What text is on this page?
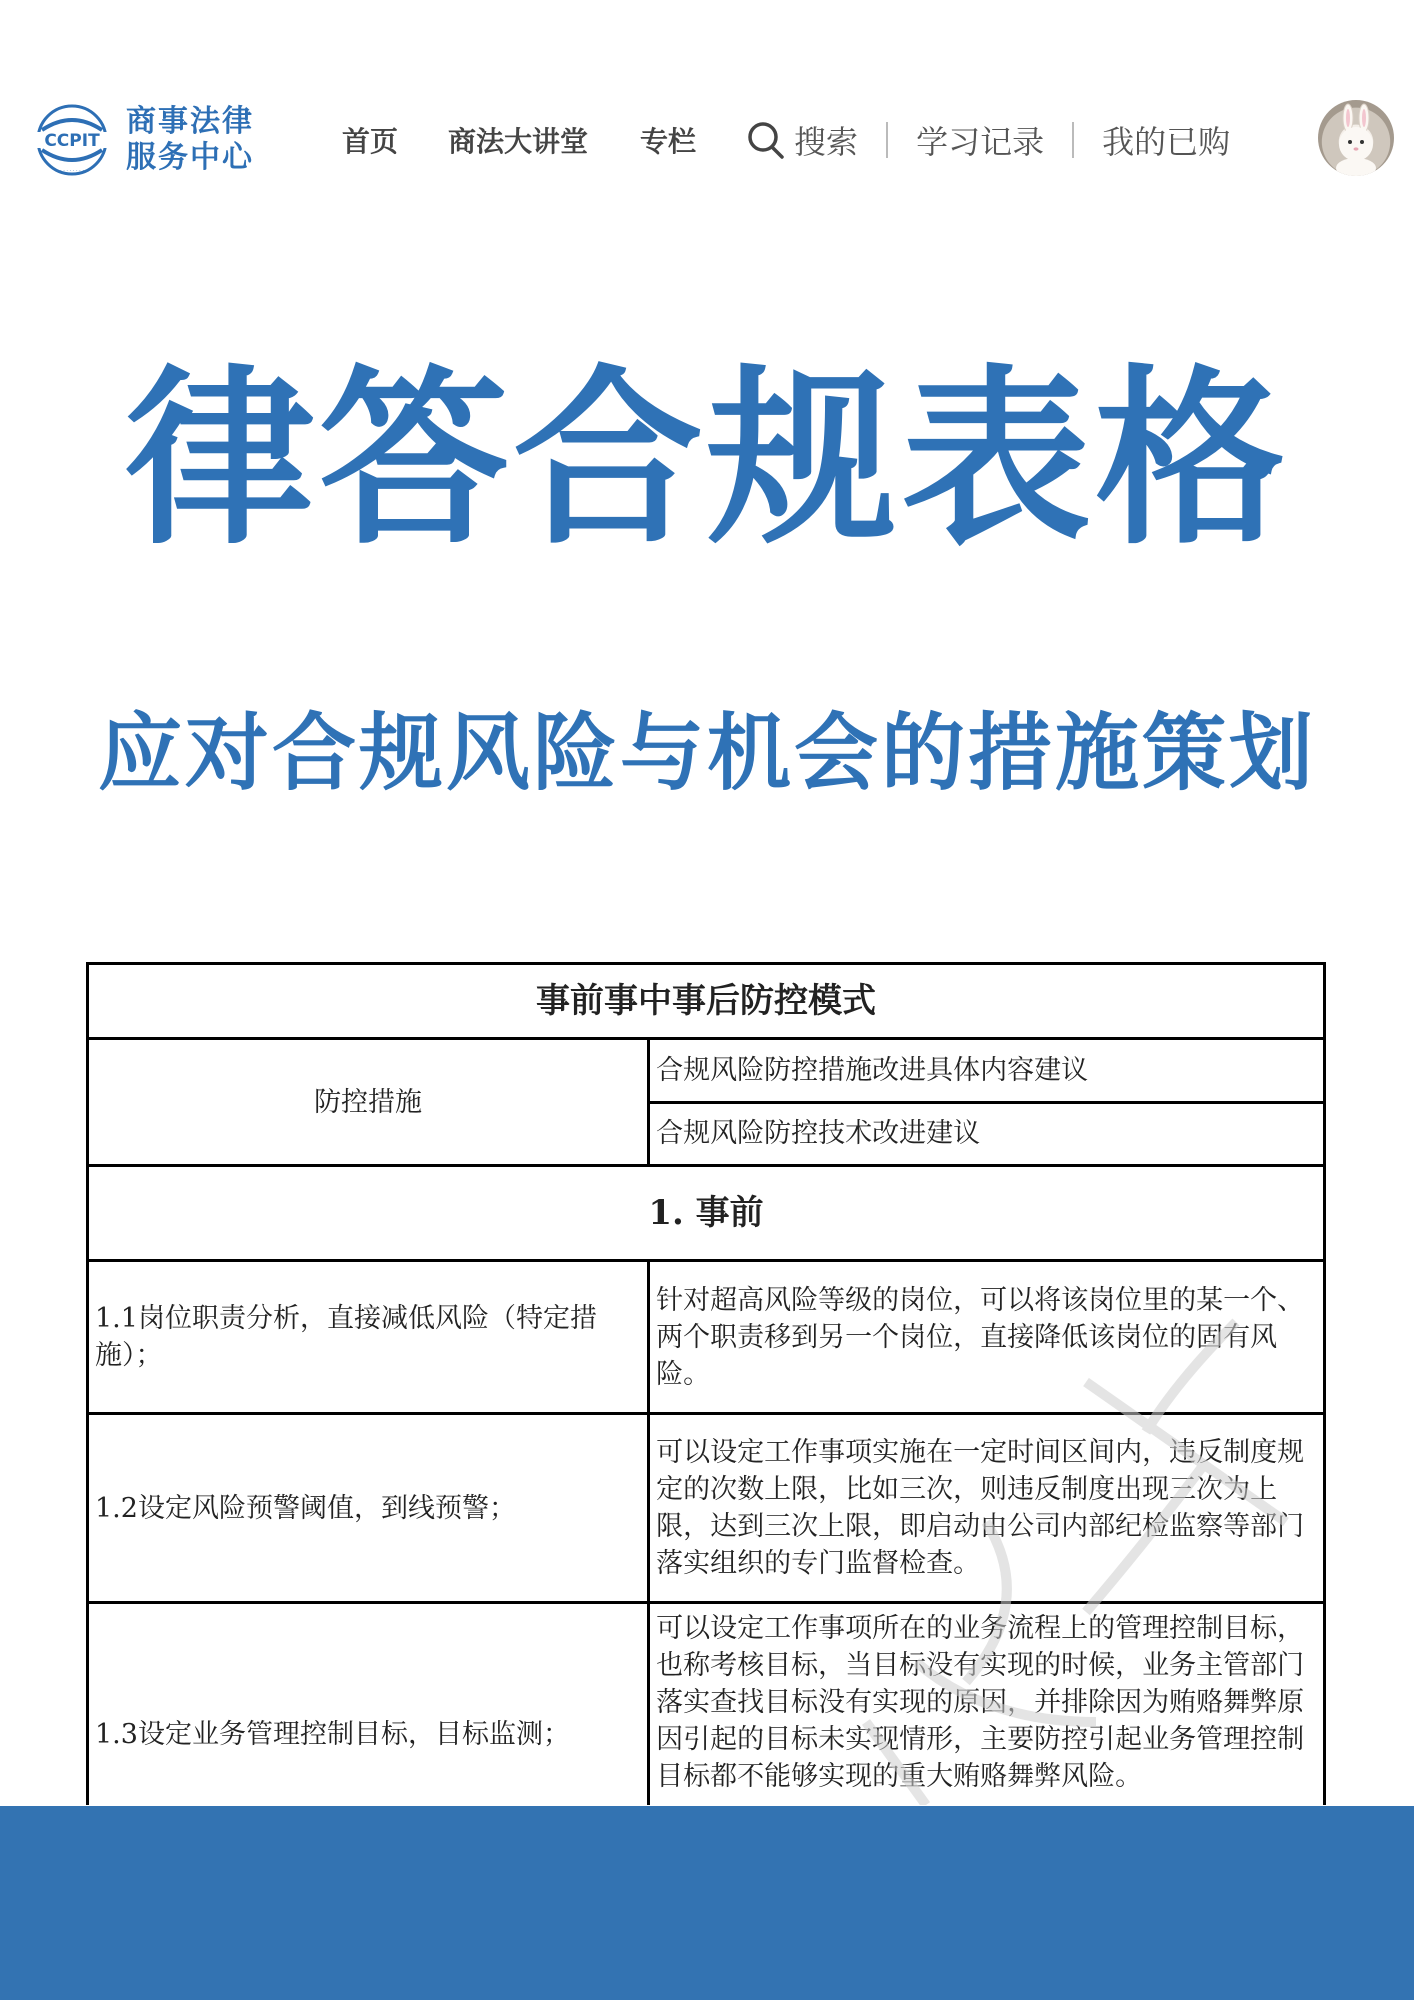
CCPIT
· · · · · · · ·
商事法律
服务中心	首页 商法大讲堂 专栏	搜索 学习记录 我的已购
律答合规表格
应对合规风险与机会的措施策划
事前事中事后防控模式	
防控措施	合规风险防控措施改进具体内容建议
	合规风险防控技术改进建议
1. 事前	
1.1岗位职责分析，直接减低风险（特定措施）；	针对超高风险等级的岗位，可以将该岗位里的某一个、两个职责移到另一个岗位，直接降低该岗位的固有风险。
1.2设定风险预警阈值，到线预警；	可以设定工作事项实施在一定时间区间内，违反制度规定的次数上限，比如三次，则违反制度出现三次为上限，达到三次上限，即启动由公司内部纪检监察等部门落实组织的专门监督检查。
1.3设定业务管理控制目标，目标监测；	可以设定工作事项所在的业务流程上的管理控制目标，也称考核目标，当目标没有实现的时候，业务主管部门落实查找目标没有实现的原因，并排除因为贿赂舞弊原因引起的目标未实现情形，主要防控引起业务管理控制目标都不能够实现的重大贿赂舞弊风险。
